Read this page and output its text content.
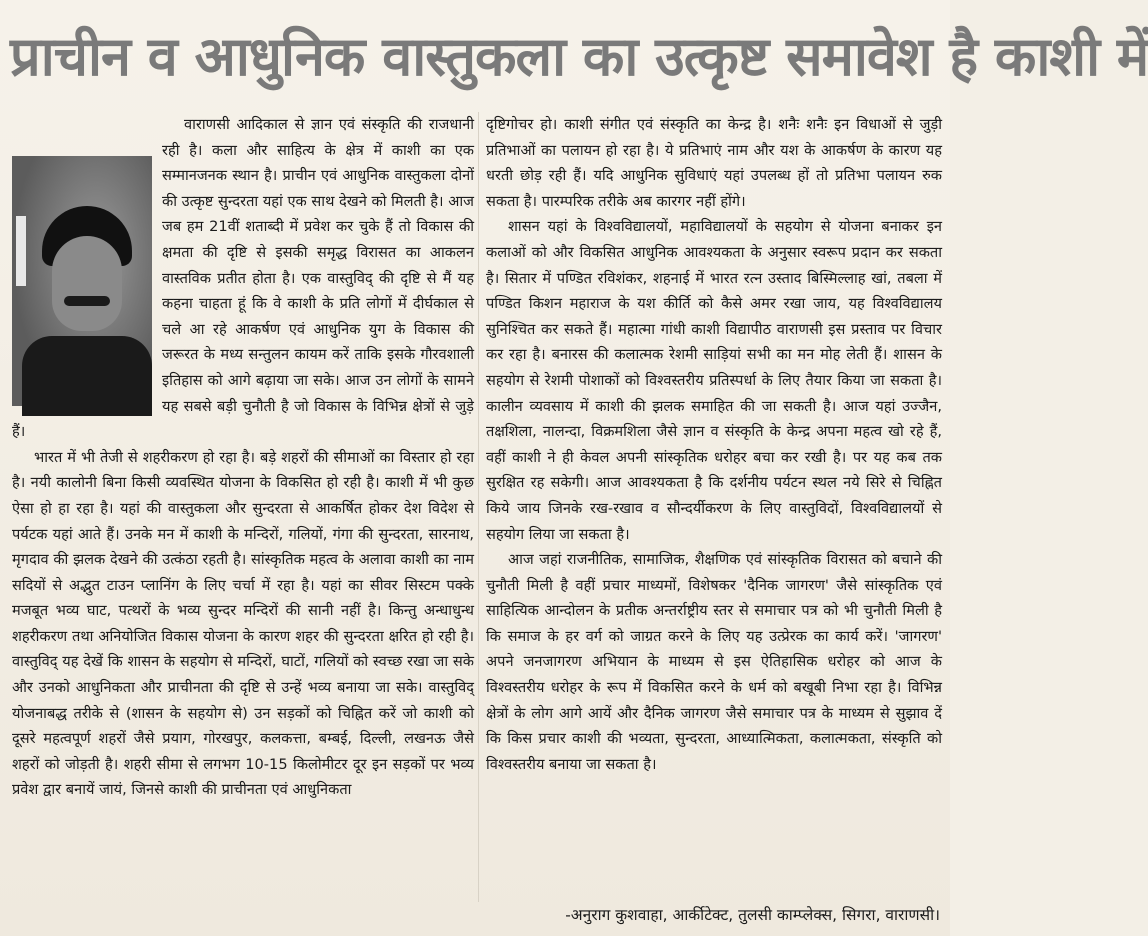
प्राचीन व आधुनिक वास्तुकला का उत्कृष्ट समावेश है काशी में

वाराणसी आदिकाल से ज्ञान एवं संस्कृति की राजधानी रही है। कला और साहित्य के क्षेत्र में काशी का एक सम्मानजनक स्थान है। प्राचीन एवं आधुनिक वास्तुकला दोनों की उत्कृष्ट सुन्दरता यहां एक साथ देखने को मिलती है। आज जब हम 21वीं शताब्दी में प्रवेश कर चुके हैं तो विकास की क्षमता की दृष्टि से इसकी समृद्ध विरासत का आकलन वास्तविक प्रतीत होता है। एक वास्तुविद् की दृष्टि से मैं यह कहना चाहता हूं कि वे काशी के प्रति लोगों में दीर्घकाल से चले आ रहे आकर्षण एवं आधुनिक युग के विकास की जरूरत के मध्य सन्तुलन कायम करें ताकि इसके गौरवशाली इतिहास को आगे बढ़ाया जा सके। आज उन लोगों के सामने यह सबसे बड़ी चुनौती है जो विकास के विभिन्न क्षेत्रों से जुड़े हैं।

भारत में भी तेजी से शहरीकरण हो रहा है। बड़े शहरों की सीमाओं का विस्तार हो रहा है। नयी कालोनी बिना किसी व्यवस्थित योजना के विकसित हो रही है। काशी में भी कुछ ऐसा हो हा रहा है। यहां की वास्तुकला और सुन्दरता से आकर्षित होकर देश विदेश से पर्यटक यहां आते हैं। उनके मन में काशी के मन्दिरों, गलियों, गंगा की सुन्दरता, सारनाथ, मृगदाव की झलक देखने की उत्कंठा रहती है। सांस्कृतिक महत्व के अलावा काशी का नाम सदियों से अद्भुत टाउन प्लानिंग के लिए चर्चा में रहा है। यहां का सीवर सिस्टम पक्के मजबूत भव्य घाट, पत्थरों के भव्य सुन्दर मन्दिरों की सानी नहीं है। किन्तु अन्धाधुन्ध शहरीकरण तथा अनियोजित विकास योजना के कारण शहर की सुन्दरता क्षरित हो रही है। वास्तुविद् यह देखें कि शासन के सहयोग से मन्दिरों, घाटों, गलियों को स्वच्छ रखा जा सके और उनको आधुनिकता और प्राचीनता की दृष्टि से उन्हें भव्य बनाया जा सके। वास्तुविद् योजनाबद्ध तरीके से (शासन के सहयोग से) उन सड़कों को चिह्नित करें जो काशी को दूसरे महत्वपूर्ण शहरों जैसे प्रयाग, गोरखपुर, कलकत्ता, बम्बई, दिल्ली, लखनऊ जैसे शहरों को जोड़ती है। शहरी सीमा से लगभग 10-15 किलोमीटर दूर इन सड़कों पर भव्य प्रवेश द्वार बनायें जायं, जिनसे काशी की प्राचीनता एवं आधुनिकता

दृष्टिगोचर हो। काशी संगीत एवं संस्कृति का केन्द्र है। शनैः शनैः इन विधाओं से जुड़ी प्रतिभाओं का पलायन हो रहा है। ये प्रतिभाएं नाम और यश के आकर्षण के कारण यह धरती छोड़ रही हैं। यदि आधुनिक सुविधाएं यहां उपलब्ध हों तो प्रतिभा पलायन रुक सकता है। पारम्परिक तरीके अब कारगर नहीं होंगे।

शासन यहां के विश्वविद्यालयों, महाविद्यालयों के सहयोग से योजना बनाकर इन कलाओं को और विकसित आधुनिक आवश्यकता के अनुसार स्वरूप प्रदान कर सकता है। सितार में पण्डित रविशंकर, शहनाई में भारत रत्न उस्ताद बिस्मिल्लाह खां, तबला में पण्डित किशन महाराज के यश कीर्ति को कैसे अमर रखा जाय, यह विश्वविद्यालय सुनिश्चित कर सकते हैं। महात्मा गांधी काशी विद्यापीठ वाराणसी इस प्रस्ताव पर विचार कर रहा है। बनारस की कलात्मक रेशमी साड़ियां सभी का मन मोह लेती हैं। शासन के सहयोग से रेशमी पोशाकों को विश्वस्तरीय प्रतिस्पर्धा के लिए तैयार किया जा सकता है। कालीन व्यवसाय में काशी की झलक समाहित की जा सकती है। आज यहां उज्जैन, तक्षशिला, नालन्दा, विक्रमशिला जैसे ज्ञान व संस्कृति के केन्द्र अपना महत्व खो रहे हैं, वहीं काशी ने ही केवल अपनी सांस्कृतिक धरोहर बचा कर रखी है। पर यह कब तक सुरक्षित रह सकेगी। आज आवश्यकता है कि दर्शनीय पर्यटन स्थल नये सिरे से चिह्नित किये जाय जिनके रख-रखाव व सौन्दर्यीकरण के लिए वास्तुविदों, विश्वविद्यालयों से सहयोग लिया जा सकता है।

आज जहां राजनीतिक, सामाजिक, शैक्षणिक एवं सांस्कृतिक विरासत को बचाने की चुनौती मिली है वहीं प्रचार माध्यमों, विशेषकर 'दैनिक जागरण' जैसे सांस्कृतिक एवं साहित्यिक आन्दोलन के प्रतीक अन्तर्राष्ट्रीय स्तर से समाचार पत्र को भी चुनौती मिली है कि समाज के हर वर्ग को जाग्रत करने के लिए यह उत्प्रेरक का कार्य करें। 'जागरण' अपने जनजागरण अभियान के माध्यम से इस ऐतिहासिक धरोहर को आज के विश्वस्तरीय धरोहर के रूप में विकसित करने के धर्म को बखूबी निभा रहा है। विभिन्न क्षेत्रों के लोग आगे आयें और दैनिक जागरण जैसे समाचार पत्र के माध्यम से सुझाव दें कि किस प्रचार काशी की भव्यता, सुन्दरता, आध्यात्मिकता, कलात्मकता, संस्कृति को विश्वस्तरीय बनाया जा सकता है।

-अनुराग कुशवाहा, आर्कीटेक्ट, तुलसी काम्प्लेक्स, सिगरा, वाराणसी।
